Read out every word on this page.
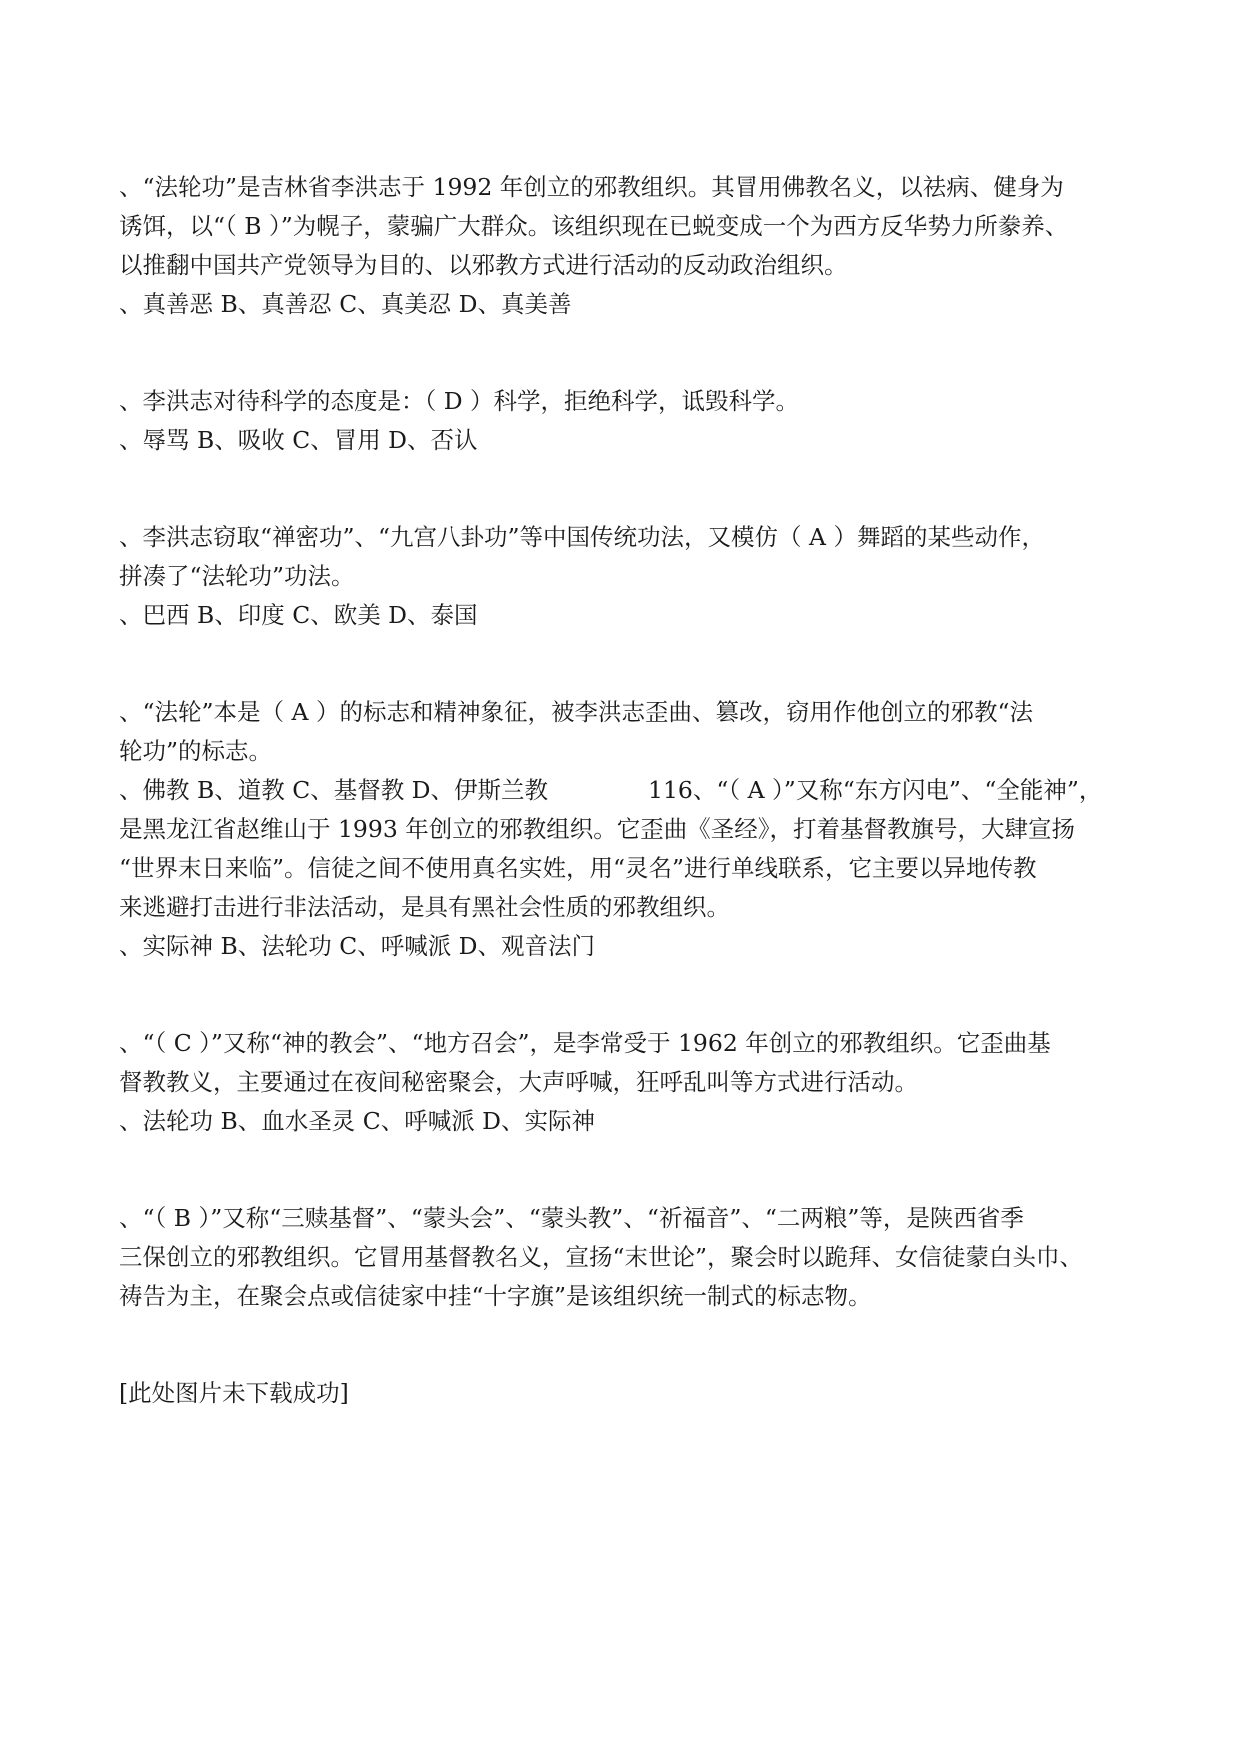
、“法轮功”是吉林省李洪志于 1992 年创立的邪教组织。其冒用佛教名义，以祛病、健身为

诱饵，以“（ B ）”为幌子，蒙骗广大群众。该组织现在已蜕变成一个为西方反华势力所豢养、

以推翻中国共产党领导为目的、以邪教方式进行活动的反动政治组织。

、真善恶 B、真善忍 C、真美忍 D、真美善

、李洪志对待科学的态度是：（ D ）科学，拒绝科学，诋毁科学。

、辱骂 B、吸收 C、冒用 D、否认

、李洪志窃取“禅密功”、“九宫八卦功”等中国传统功法，又模仿（ A ）舞蹈的某些动作，

拼凑了“法轮功”功法。

、巴西 B、印度 C、欧美 D、泰国

、“法轮”本是（ A ）的标志和精神象征，被李洪志歪曲、篡改，窃用作他创立的邪教“法

轮功”的标志。

、佛教 B、道教 C、基督教 D、伊斯兰教	116、“（ A ）”又称“东方闪电”、“全能神”，

是黑龙江省赵维山于 1993 年创立的邪教组织。它歪曲《圣经》，打着基督教旗号，大肆宣扬

“世界末日来临”。信徒之间不使用真名实姓，用“灵名”进行单线联系，它主要以异地传教

来逃避打击进行非法活动，是具有黑社会性质的邪教组织。

、实际神 B、法轮功 C、呼喊派 D、观音法门

、“（ C ）”又称“神的教会”、“地方召会”，是李常受于 1962 年创立的邪教组织。它歪曲基

督教教义，主要通过在夜间秘密聚会，大声呼喊，狂呼乱叫等方式进行活动。

、法轮功 B、血水圣灵 C、呼喊派 D、实际神

、“（ B ）”又称“三赎基督”、“蒙头会”、“蒙头教”、“祈福音”、“二两粮”等，是陕西省季

三保创立的邪教组织。它冒用基督教名义，宣扬“末世论”，聚会时以跪拜、女信徒蒙白头巾、

祷告为主，在聚会点或信徒家中挂“十字旗”是该组织统一制式的标志物。

[此处图片未下载成功]
